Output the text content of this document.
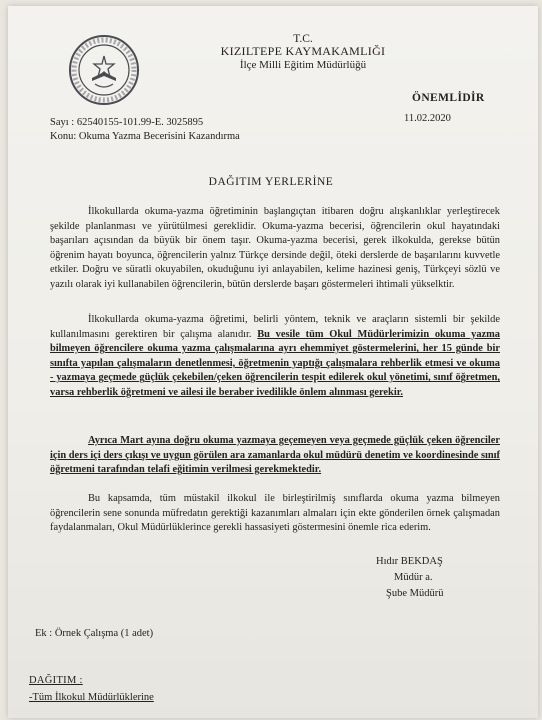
T.C.
KIZILTEPE KAYMAKAMLIĞI
İlçe Milli Eğitim Müdürlüğü
ÖNEMLİDİR
11.02.2020
Sayı : 62540155-101.99-E. 3025895
Konu: Okuma Yazma Becerisini Kazandırma
DAĞITIM YERLERİNE
İlkokullarda okuma-yazma öğretiminin başlangıçtan itibaren doğru alışkanlıklar yerleştirecek şekilde planlanması ve yürütülmesi gereklidir. Okuma-yazma becerisi, öğrencilerin okul hayatındaki başarıları açısından da büyük bir önem taşır. Okuma-yazma becerisi, gerek ilkokulda, gerekse bütün öğrenim hayatı boyunca, öğrencilerin yalnız Türkçe dersinde değil, öteki derslerde de başarılarını kuvvetle etkiler. Doğru ve süratli okuyabilen, okuduğunu iyi anlayabilen, kelime hazinesi geniş, Türkçeyi sözlü ve yazılı olarak iyi kullanabilen öğrencilerin, bütün derslerde başarı göstermeleri ihtimali yükselktir.
İlkokullarda okuma-yazma öğretimi, belirli yöntem, teknik ve araçların sistemli bir şekilde kullanılmasını gerektiren bir çalışma alanıdır. Bu vesile tüm Okul Müdürlerimizin okuma yazma bilmeyen öğrencilere okuma yazma çalışmalarına ayrı ehemmiyet göstermelerini, her 15 günde bir sınıfta yapılan çalışmaların denetlenmesi, öğretmenin yaptığı çalışmalara rehberlik etmesi ve okuma - yazmaya geçmede güçlük çekebilen/çeken öğrencilerin tespit edilerek okul yönetimi, sınıf öğretmen, varsa rehberlik öğretmeni ve ailesi ile beraber ivedilikle önlem alınması gerekir.
Ayrıca Mart ayına doğru okuma yazmaya geçemeyen veya geçmede güçlük çeken öğrenciler için ders içi ders çıkışı ve uygun görülen ara zamanlarda okul müdürü denetim ve koordinesinde sınıf öğretmeni tarafından telafi eğitimin verilmesi gerekmektedir.
Bu kapsamda, tüm müstakil ilkokul ile birleştirilmiş sınıflarda okuma yazma bilmeyen öğrencilerin sene sonunda müfredatın gerektiği kazanımları almaları için ekte gönderilen örnek çalışmadan faydalanmaları, Okul Müdürlüklerince gerekli hassasiyeti göstermesini önemle rica ederim.
Hıdır BEKDAŞ
Müdür a.
Şube Müdürü
Ek : Örnek Çalışma (1 adet)
DAĞITIM :
-Tüm İlkokul Müdürlüklerine
